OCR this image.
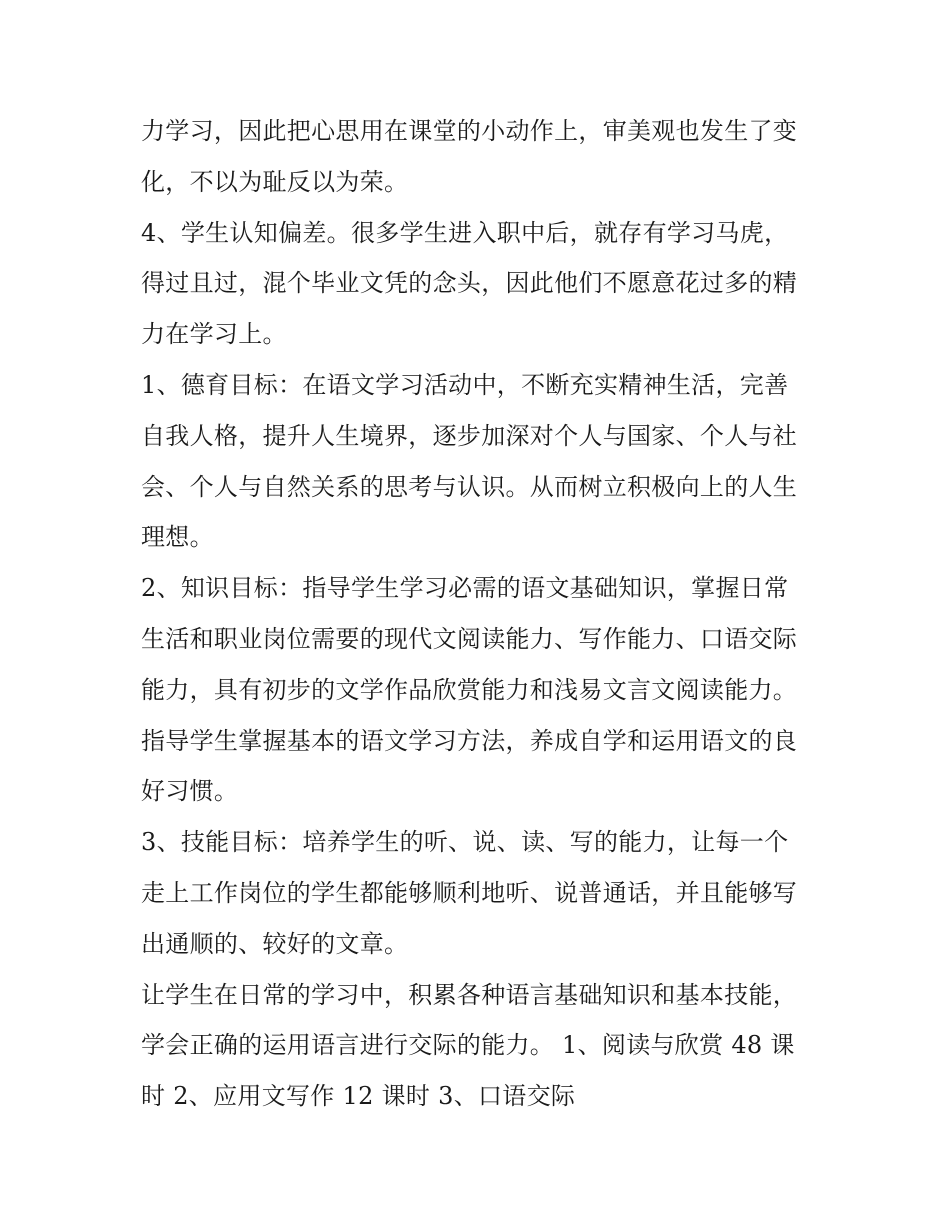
力学习，因此把心思用在课堂的小动作上，审美观也发生了变
化，不以为耻反以为荣。
4、学生认知偏差。很多学生进入职中后，就存有学习马虎，
得过且过，混个毕业文凭的念头，因此他们不愿意花过多的精
力在学习上。
1、德育目标：在语文学习活动中，不断充实精神生活，完善
自我人格，提升人生境界，逐步加深对个人与国家、个人与社
会、个人与自然关系的思考与认识。从而树立积极向上的人生
理想。
2、知识目标：指导学生学习必需的语文基础知识，掌握日常
生活和职业岗位需要的现代文阅读能力、写作能力、口语交际
能力，具有初步的文学作品欣赏能力和浅易文言文阅读能力。
指导学生掌握基本的语文学习方法，养成自学和运用语文的良
好习惯。
3、技能目标：培养学生的听、说、读、写的能力，让每一个
走上工作岗位的学生都能够顺利地听、说普通话，并且能够写
出通顺的、较好的文章。
让学生在日常的学习中，积累各种语言基础知识和基本技能，
学会正确的运用语言进行交际的能力。 1、阅读与欣赏 48 课
时 2、应用文写作 12 课时 3、口语交际
